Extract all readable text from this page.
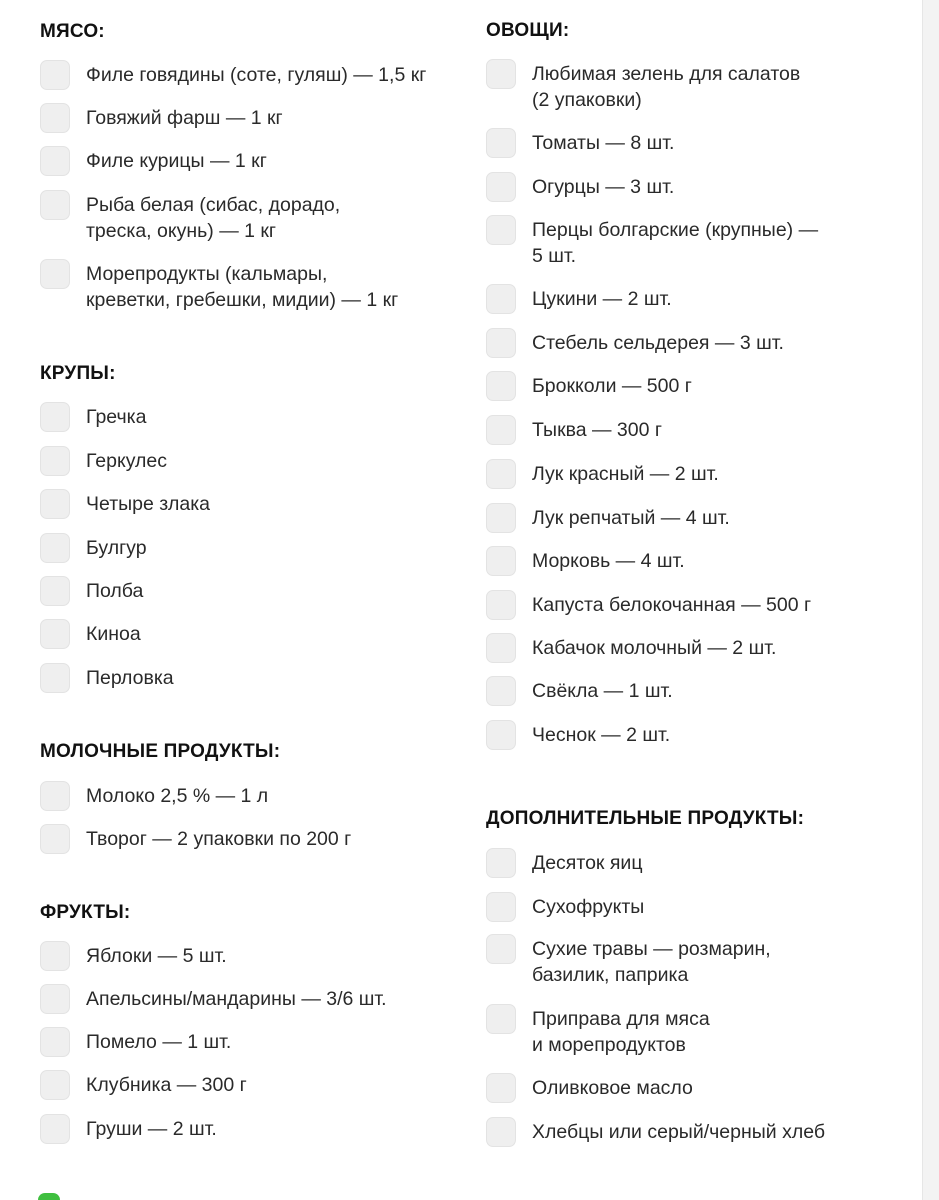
МЯСО:
Филе говядины (соте, гуляш) — 1,5 кг
Говяжий фарш — 1 кг
Филе курицы — 1 кг
Рыба белая (сибас, дорадо,
треска, окунь) — 1 кг
Морепродукты (кальмары,
креветки, гребешки, мидии) — 1 кг
КРУПЫ:
Гречка
Геркулес
Четыре злака
Булгур
Полба
Киноа
Перловка
МОЛОЧНЫЕ ПРОДУКТЫ:
Молоко 2,5 % — 1 л
Творог — 2 упаковки по 200 г
ФРУКТЫ:
Яблоки — 5 шт.
Апельсины/мандарины — 3/6 шт.
Помело — 1 шт.
Клубника — 300 г
Груши — 2 шт.
ОВОЩИ:
Любимая зелень для салатов
(2 упаковки)
Томаты — 8 шт.
Огурцы — 3 шт.
Перцы болгарские (крупные) —
5 шт.
Цукини — 2 шт.
Стебель сельдерея — 3 шт.
Брокколи — 500 г
Тыква — 300 г
Лук красный — 2 шт.
Лук репчатый — 4 шт.
Морковь — 4 шт.
Капуста белокочанная — 500 г
Кабачок молочный — 2 шт.
Свёкла — 1 шт.
Чеснок — 2 шт.
ДОПОЛНИТЕЛЬНЫЕ ПРОДУКТЫ:
Десяток яиц
Сухофрукты
Сухие травы — розмарин,
базилик, паприка
Приправа для мяса
и морепродуктов
Оливковое масло
Хлебцы или серый/черный хлеб
